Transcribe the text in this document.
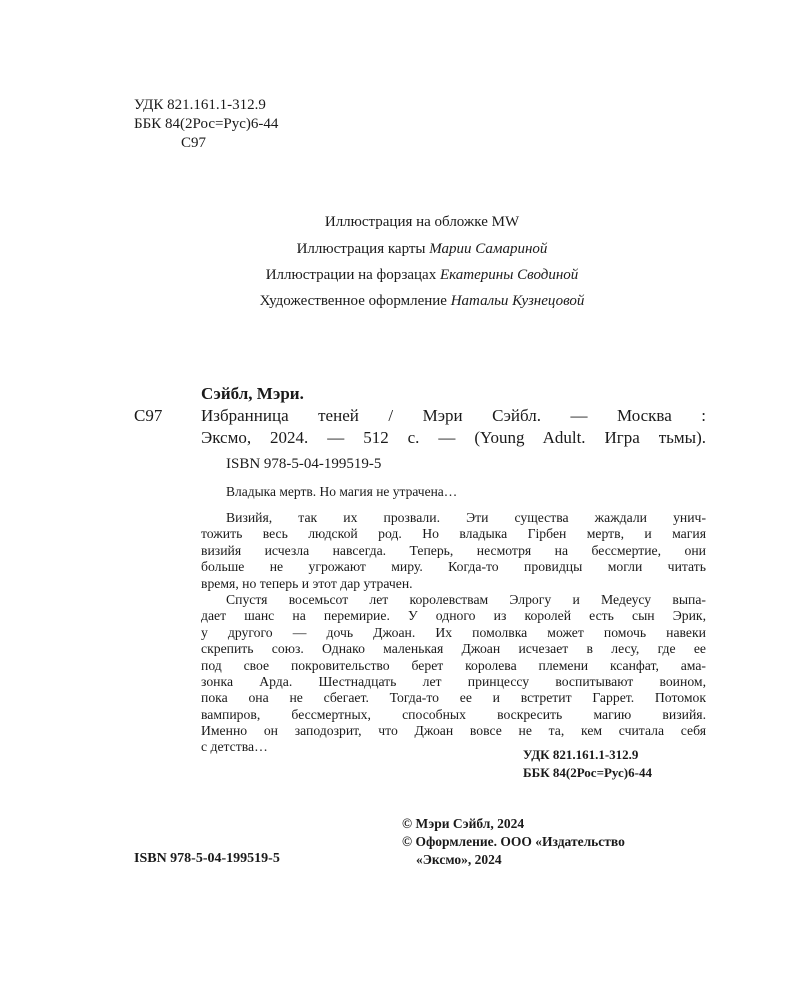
УДК 821.161.1-312.9
ББК 84(2Рос=Рус)6-44
С97
Иллюстрация на обложке MW
Иллюстрация карты Марии Самариной
Иллюстрации на форзацах Екатерины Сводиной
Художественное оформление Натальи Кузнецовой
Сэйбл, Мэри.
С97 Избранница теней / Мэри Сэйбл. — Москва :
Эксмо, 2024. — 512 с. — (Young Adult. Игра тьмы).
ISBN 978-5-04-199519-5
Владыка мертв. Но магия не утрачена…
Визийя, так их прозвали. Эти существа жаждали унич-
тожить весь людской род. Но владыка Гірбен мертв, и магия
визийя исчезла навсегда. Теперь, несмотря на бессмертие, они
больше не угрожают миру. Когда-то провидцы могли читать
время, но теперь и этот дар утрачен.
Спустя восемьсот лет королевствам Элрогу и Медеусу выпа-
дает шанс на перемирие. У одного из королей есть сын Эрик,
у другого — дочь Джоан. Их помолвка может помочь навеки
скрепить союз. Однако маленькая Джоан исчезает в лесу, где ее
под свое покровительство берет королева племени ксанфат, ама-
зонка Арда. Шестнадцать лет принцессу воспитывают воином,
пока она не сбегает. Тогда-то ее и встретит Гаррет. Потомок
вампиров, бессмертных, способных воскресить магию визийя.
Именно он заподозрит, что Джоан вовсе не та, кем считала себя
с детства…
УДК 821.161.1-312.9
ББК 84(2Рос=Рус)6-44
© Мэри Сэйбл, 2024
© Оформление. ООО «Издательство
«Эксмо», 2024
ISBN 978-5-04-199519-5
